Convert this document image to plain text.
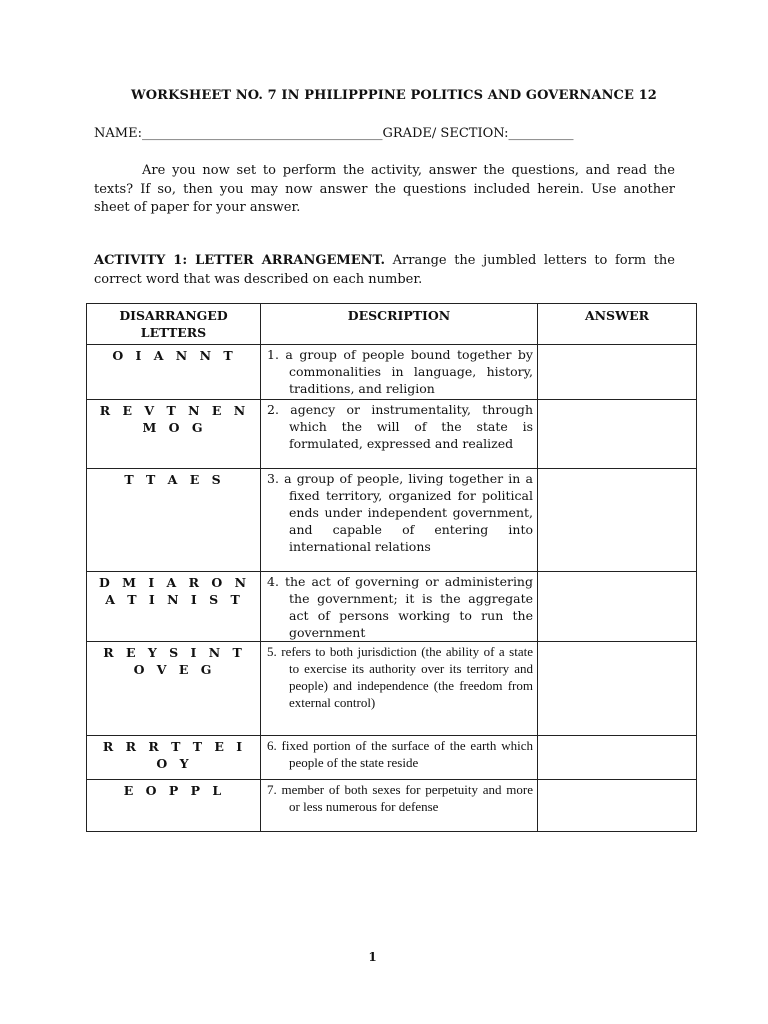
WORKSHEET NO. 7 IN PHILIPPPINE POLITICS AND GOVERNANCE 12
NAME:_____________________________________GRADE/ SECTION:__________

Are you now set to perform the activity, answer the questions, and read the texts? If so, then you may now answer the questions included herein. Use another sheet of paper for your answer.

ACTIVITY 1: LETTER ARRANGEMENT. Arrange the jumbled letters to form the correct word that was described on each number.

DISARRANGED LETTERS	DESCRIPTION	ANSWER

O I A N N T	1. a group of people bound together by commonalities in language, history, traditions, and religion	

R E V T N E N M O G	2. agency or instrumentality, through which the will of the state is formulated, expressed and realized	

T T A E S	3. a group of people, living together in a fixed territory, organized for political ends under independent government, and capable of entering into international relations	

D M I A R O N A T I N I S T	4. the act of governing or administering the government; it is the aggregate act of persons working to run the government	

R E Y S I N T O V E G	5. refers to both jurisdiction (the ability of a state to exercise its authority over its territory and people) and independence (the freedom from external control)	

R R R T T E I O Y	6. fixed portion of the surface of the earth which people of the state reside	

E O P P L	7. member of both sexes for perpetuity and more or less numerous for defense	

1
